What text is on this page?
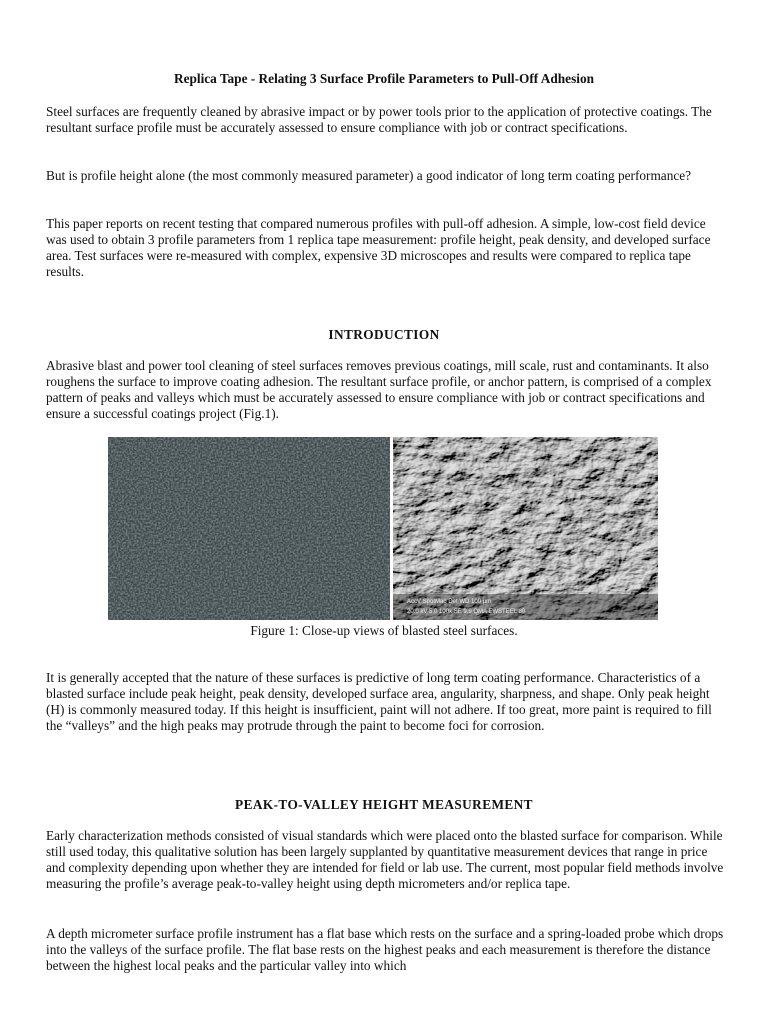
Replica Tape - Relating 3 Surface Profile Parameters to Pull-Off Adhesion

Steel surfaces are frequently cleaned by abrasive impact or by power tools prior to the application of protective coatings. The resultant surface profile must be accurately assessed to ensure compliance with job or contract specifications.

But is profile height alone (the most commonly measured parameter) a good indicator of long term coating performance?

This paper reports on recent testing that compared numerous profiles with pull-off adhesion. A simple, low-cost field device was used to obtain 3 profile parameters from 1 replica tape measurement: profile height, peak density, and developed surface area. Test surfaces were re-measured with complex, expensive 3D microscopes and results were compared to replica tape results.

INTRODUCTION

Abrasive blast and power tool cleaning of steel surfaces removes previous coatings, mill scale, rust and contaminants. It also roughens the surface to improve coating adhesion. The resultant surface profile, or anchor pattern, is comprised of a complex pattern of peaks and valleys which must be accurately assessed to ensure compliance with job or contract specifications and ensure a successful coatings project (Fig.1).

AccV SpotMag Det WD 100 µm
20.0 kV 5.0 100x SE 9.9 QMA EWSTEEL 80
Figure 1: Close-up views of blasted steel surfaces.

It is generally accepted that the nature of these surfaces is predictive of long term coating performance. Characteristics of a blasted surface include peak height, peak density, developed surface area, angularity, sharpness, and shape. Only peak height (H) is commonly measured today. If this height is insufficient, paint will not adhere. If too great, more paint is required to fill the “valleys” and the high peaks may protrude through the paint to become foci for corrosion.

PEAK-TO-VALLEY HEIGHT MEASUREMENT

Early characterization methods consisted of visual standards which were placed onto the blasted surface for comparison. While still used today, this qualitative solution has been largely supplanted by quantitative measurement devices that range in price and complexity depending upon whether they are intended for field or lab use. The current, most popular field methods involve measuring the profile’s average peak-to-valley height using depth micrometers and/or replica tape.

A depth micrometer surface profile instrument has a flat base which rests on the surface and a spring-loaded probe which drops into the valleys of the surface profile. The flat base rests on the highest peaks and each measurement is therefore the distance between the highest local peaks and the particular valley into which
